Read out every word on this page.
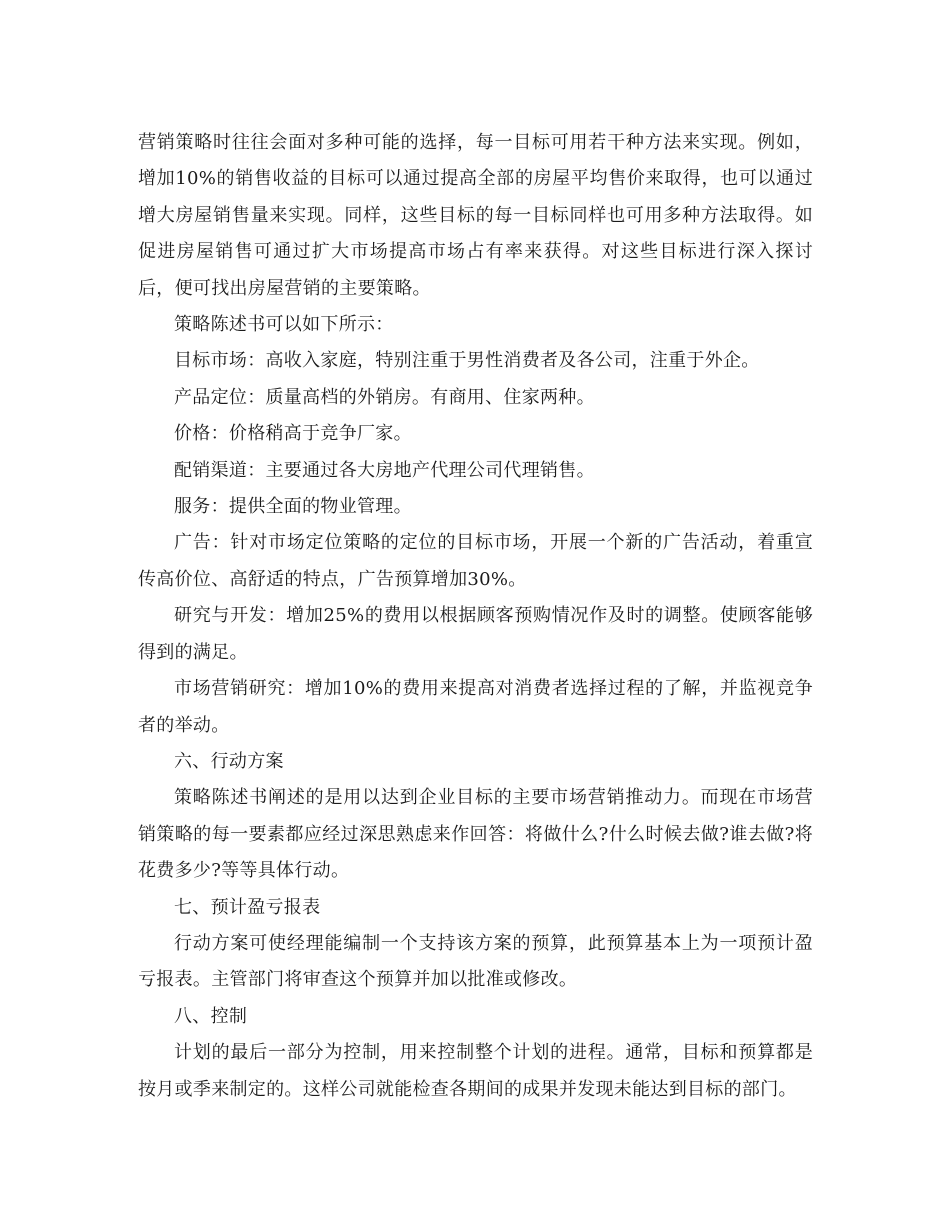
营销策略时往往会面对多种可能的选择，每一目标可用若干种方法来实现。例如，增加10%的销售收益的目标可以通过提高全部的房屋平均售价来取得，也可以通过增大房屋销售量来实现。同样，这些目标的每一目标同样也可用多种方法取得。如促进房屋销售可通过扩大市场提高市场占有率来获得。对这些目标进行深入探讨后，便可找出房屋营销的主要策略。

策略陈述书可以如下所示：

目标市场：高收入家庭，特别注重于男性消费者及各公司，注重于外企。

产品定位：质量高档的外销房。有商用、住家两种。

价格：价格稍高于竞争厂家。

配销渠道：主要通过各大房地产代理公司代理销售。

服务：提供全面的物业管理。

广告：针对市场定位策略的定位的目标市场，开展一个新的广告活动，着重宣传高价位、高舒适的特点，广告预算增加30%。

研究与开发：增加25%的费用以根据顾客预购情况作及时的调整。使顾客能够得到的满足。

市场营销研究：增加10%的费用来提高对消费者选择过程的了解，并监视竞争者的举动。

六、行动方案

策略陈述书阐述的是用以达到企业目标的主要市场营销推动力。而现在市场营销策略的每一要素都应经过深思熟虑来作回答：将做什么?什么时候去做?谁去做?将花费多少?等等具体行动。

七、预计盈亏报表

行动方案可使经理能编制一个支持该方案的预算，此预算基本上为一项预计盈亏报表。主管部门将审查这个预算并加以批准或修改。

八、控制

计划的最后一部分为控制，用来控制整个计划的进程。通常，目标和预算都是按月或季来制定的。这样公司就能检查各期间的成果并发现未能达到目标的部门。
